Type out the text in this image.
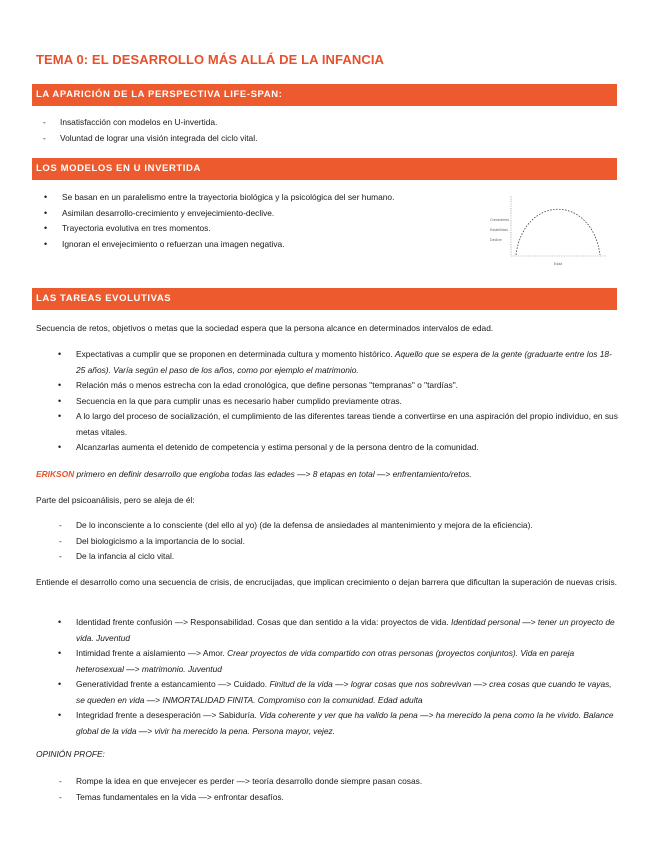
TEMA 0: EL DESARROLLO MÁS ALLÁ DE LA INFANCIA
LA APARICIÓN DE LA PERSPECTIVA LIFE-SPAN:
- Insatisfacción con modelos en U-invertida.
- Voluntad de lograr una visión integrada del ciclo vital.
LOS MODELOS EN U INVERTIDA
• Se basan en un paralelismo entre la trayectoria biológica y la psicológica del ser humano.
• Asimilan desarrollo-crecimiento y envejecimiento-declive.
• Trayectoria evolutiva en tres momentos.
• Ignoran el envejecimiento o refuerzan una imagen negativa.
Crecimiento
Estabilidad
Declive
Edad
LAS TAREAS EVOLUTIVAS
Secuencia de retos, objetivos o metas que la sociedad espera que la persona alcance en determinados intervalos de edad.
• Expectativas a cumplir que se proponen en determinada cultura y momento histórico. Aquello que se espera de la gente (graduarte entre los 18-25 años). Varía según el paso de los años, como por ejemplo el matrimonio.
• Relación más o menos estrecha con la edad cronológica, que define personas "tempranas" o "tardías".
• Secuencia en la que para cumplir unas es necesario haber cumplido previamente otras.
• A lo largo del proceso de socialización, el cumplimiento de las diferentes tareas tiende a convertirse en una aspiración del propio individuo, en sus metas vitales.
• Alcanzarlas aumenta el detenido de competencia y estima personal y de la persona dentro de la comunidad.
ERIKSON primero en definir desarrollo que engloba todas las edades —> 8 etapas en total —> enfrentamiento/retos.
Parte del psicoanálisis, pero se aleja de él:
- De lo inconsciente a lo consciente (del ello al yo) (de la defensa de ansiedades al mantenimiento y mejora de la eficiencia).
- Del biologicismo a la importancia de lo social.
- De la infancia al ciclo vital.
Entiende el desarrollo como una secuencia de crisis, de encrucijadas, que implican crecimiento o dejan barrera que dificultan la superación de nuevas crisis.
• Identidad frente confusión —> Responsabilidad. Cosas que dan sentido a la vida: proyectos de vida. Identidad personal —> tener un proyecto de vida. Juventud
• Intimidad frente a aislamiento —> Amor. Crear proyectos de vida compartido con otras personas (proyectos conjuntos). Vida en pareja heterosexual —> matrimonio. Juventud
• Generatividad frente a estancamiento —> Cuidado. Finitud de la vida —> lograr cosas que nos sobrevivan —> crea cosas que cuando te vayas, se queden en vida —> INMORTALIDAD FINITA. Compromiso con la comunidad. Edad adulta
• Integridad frente a desesperación —> Sabiduría. Vida coherente y ver que ha valido la pena —> ha merecido la pena como la he vivido. Balance global de la vida —> vivir ha merecido la pena. Persona mayor, vejez.
OPINIÓN PROFE:
- Rompe la idea en que envejecer es perder —> teoría desarrollo donde siempre pasan cosas.
- Temas fundamentales en la vida —> enfrontar desafíos.
